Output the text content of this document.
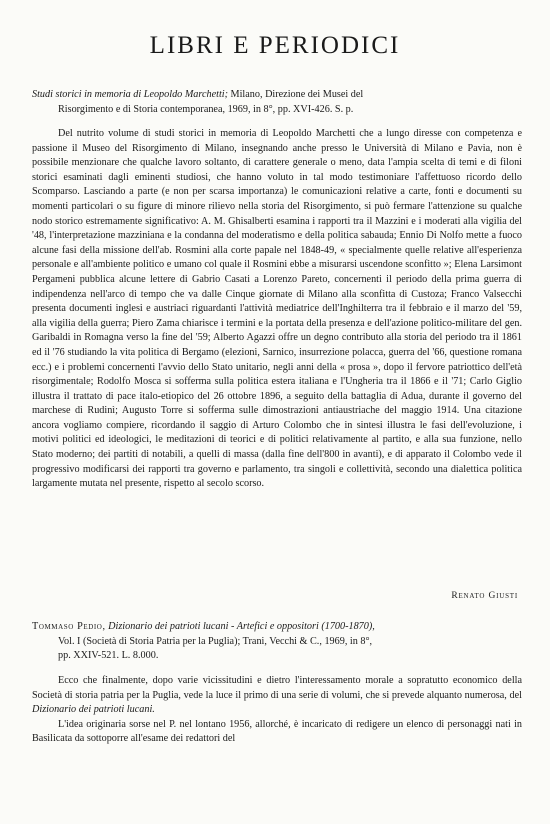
LIBRI E PERIODICI
Studi storici in memoria di Leopoldo Marchetti; Milano, Direzione dei Musei del
Risorgimento e di Storia contemporanea, 1969, in 8°, pp. XVI-426. S. p.

Del nutrito volume di studi storici in memoria di Leopoldo Marchetti che a lungo diresse con competenza e passione il Museo del Risorgimento di Milano, insegnando anche presso le Università di Milano e Pavia, non è possibile menzionare che qualche lavoro soltanto, di carattere generale o meno, data l'ampia scelta di temi e di filoni storici esaminati dagli eminenti studiosi, che hanno voluto in tal modo testimoniare l'affettuoso ricordo dello Scomparso. Lasciando a parte (e non per scarsa importanza) le comunicazioni relative a carte, fonti e documenti su momenti particolari o su figure di minore rilievo nella storia del Risorgimento, si può fermare l'attenzione su qualche nodo storico estremamente significativo: A. M. Ghisalberti esamina i rapporti tra il Mazzini e i moderati alla vigilia del '48, l'interpretazione mazziniana e la condanna del moderatismo e della politica sabauda; Ennio Di Nolfo mette a fuoco alcune fasi della missione dell'ab. Rosmini alla corte papale nel 1848-49, « specialmente quelle relative all'esperienza personale e all'ambiente politico e umano col quale il Rosmini ebbe a misurarsi uscendone sconfitto »; Elena Larsimont Pergameni pubblica alcune lettere di Gabrio Casati a Lorenzo Pareto, concernenti il periodo della prima guerra di indipendenza nell'arco di tempo che va dalle Cinque giornate di Milano alla sconfitta di Custoza; Franco Valsecchi presenta documenti inglesi e austriaci riguardanti l'attività mediatrice dell'Inghilterra tra il febbraio e il marzo del '59, alla vigilia della guerra; Piero Zama chiarisce i termini e la portata della presenza e dell'azione politico-militare del gen. Garibaldi in Romagna verso la fine del '59; Alberto Agazzi offre un degno contributo alla storia del periodo tra il 1861 ed il '76 studiando la vita politica di Bergamo (elezioni, Sarnico, insurrezione polacca, guerra del '66, questione romana ecc.) e i problemi concernenti l'avvio dello Stato unitario, negli anni della « prosa », dopo il fervore patriottico dell'età risorgimentale; Rodolfo Mosca si sofferma sulla politica estera italiana e l'Ungheria tra il 1866 e il '71; Carlo Giglio illustra il trattato di pace italo-etiopico del 26 ottobre 1896, a seguito della battaglia di Adua, durante il governo del marchese di Rudinì; Augusto Torre si sofferma sulle dimostrazioni antiaustriache del maggio 1914. Una citazione ancora vogliamo compiere, ricordando il saggio di Arturo Colombo che in sintesi illustra le fasi dell'evoluzione, i motivi politici ed ideologici, le meditazioni di teorici e di politici relativamente al partito, e alla sua funzione, nello Stato moderno; dei partiti di notabili, a quelli di massa (dalla fine dell'800 in avanti), e di apparato il Colombo vede il progressivo modificarsi dei rapporti tra governo e parlamento, tra singoli e collettività, secondo una dialettica politica largamente mutata nel presente, rispetto al secolo scorso.

Renato Giusti
Tommaso Pedio, Dizionario dei patrioti lucani - Artefici e oppositori (1700-1870),
Vol. I (Società di Storia Patria per la Puglia); Trani, Vecchi & C., 1969, in 8°,
pp. XXIV-521. L. 8.000.

Ecco che finalmente, dopo varie vicissitudini e dietro l'interessamento morale a sopratutto economico della Società di storia patria per la Puglia, vede la luce il primo di una serie di volumi, che si prevede alquanto numerosa, del Dizionario dei patrioti lucani.

L'idea originaria sorse nel P. nel lontano 1956, allorché, è incaricato di redigere un elenco di personaggi nati in Basilicata da sottoporre all'esame dei redattori del
